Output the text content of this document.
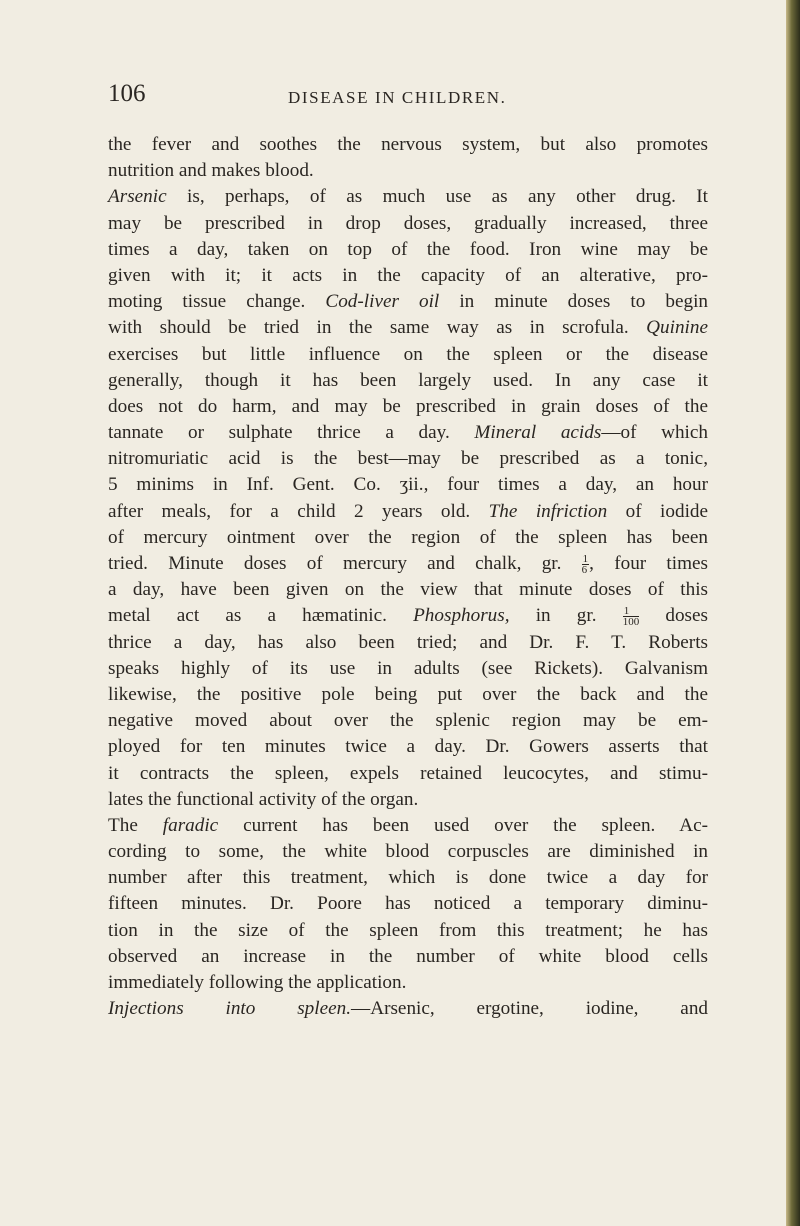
106	DISEASE IN CHILDREN.
the fever and soothes the nervous system, but also promotes
nutrition and makes blood.
Arsenic is, perhaps, of as much use as any other drug. It
may be prescribed in drop doses, gradually increased, three
times a day, taken on top of the food. Iron wine may be
given with it; it acts in the capacity of an alterative, pro-
moting tissue change. Cod-liver oil in minute doses to begin
with should be tried in the same way as in scrofula. Quinine
exercises but little influence on the spleen or the disease
generally, though it has been largely used. In any case it
does not do harm, and may be prescribed in grain doses of the
tannate or sulphate thrice a day. Mineral acids—of which
nitromuriatic acid is the best—may be prescribed as a tonic,
5 minims in Inf. Gent. Co. ʒii., four times a day, an hour
after meals, for a child 2 years old. The infriction of iodide
of mercury ointment over the region of the spleen has been
tried. Minute doses of mercury and chalk, gr. $\frac{1}{6}$ , four times
a day, have been given on the view that minute doses of this
metal act as a hæmatinic. Phosphorus, in gr. $\frac{1}{100}$ doses
thrice a day, has also been tried; and Dr. F. T. Roberts
speaks highly of its use in adults (see Rickets). Galvanism
likewise, the positive pole being put over the back and the
negative moved about over the splenic region may be em-
ployed for ten minutes twice a day. Dr. Gowers asserts that
it contracts the spleen, expels retained leucocytes, and stimu-
lates the functional activity of the organ.
The faradic current has been used over the spleen. Ac-
cording to some, the white blood corpuscles are diminished in
number after this treatment, which is done twice a day for
fifteen minutes. Dr. Poore has noticed a temporary diminu-
tion in the size of the spleen from this treatment; he has
observed an increase in the number of white blood cells
immediately following the application.
Injections into spleen.—Arsenic, ergotine, iodine, and
